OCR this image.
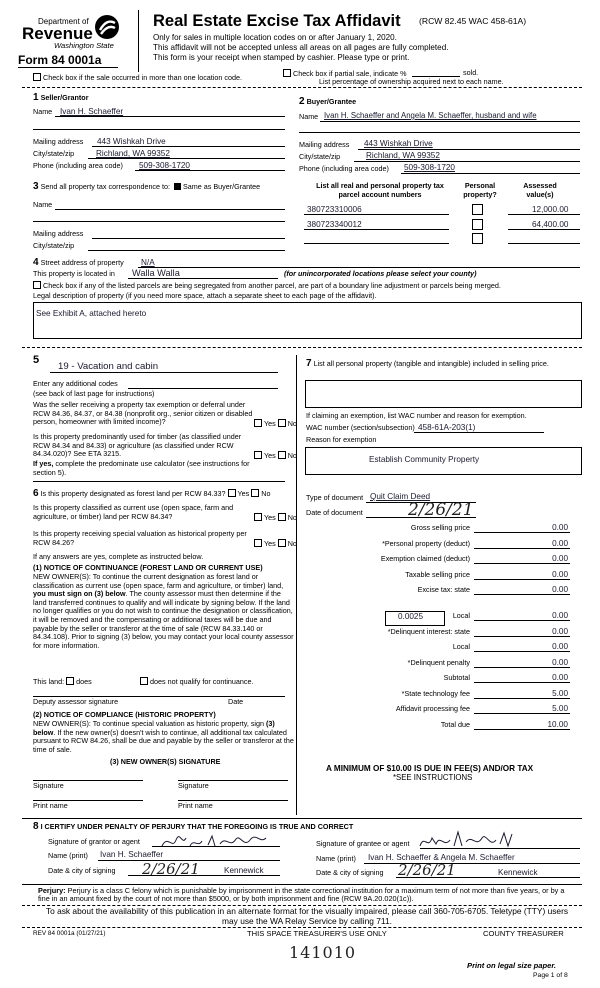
Department of
Revenue
Washington State
Form 84 0001a
Real Estate Excise Tax Affidavit (RCW 82.45 WAC 458-61A)
Only for sales in multiple location codes on or after January 1, 2020.
This affidavit will not be accepted unless all areas on all pages are fully completed.
This form is your receipt when stamped by cashier. Please type or print.
Check box if the sale occurred in more than one location code.	Check box if partial sale, indicate %	sold.
List percentage of ownership acquired next to each name.
1 Seller/Grantor
Name Ivan H. Schaeffer
Mailing address 443 Wishkah Drive
City/state/zip	Richland, WA 99352
Phone (including area code) 509-308-1720
2 Buyer/Grantee
Name Ivan H. Schaeffer and Angela M. Schaeffer, husband and wife
Mailing address 443 Wishkah Drive
City/state/zip	Richland, WA 99352
Phone (including area code) 509-308-1720
3 Send all property tax correspondence to: Same as Buyer/Grantee
Name
Mailing address
City/state/zip
List all real and personal property tax
parcel account numbers
Personal
property?
Assessed
value(s)
380723310006	12,000.00
380723340012	64,400.00
4 Street address of property N/A
This property is located in Walla Walla	(for unincorporated locations please select your county)
Check box if any of the listed parcels are being segregated from another parcel, are part of a boundary line adjustment or parcels being merged.
Legal description of property (if you need more space, attach a separate sheet to each page of the affidavit).
See Exhibit A, attached hereto
5
19 - Vacation and cabin
Enter any additional codes
(see back of last page for instructions)
Was the seller receiving a property tax exemption or deferral under RCW 84.36, 84.37, or 84.38 (nonprofit org., senior citizen or disabled person, homeowner with limited income)?	Yes No
Is this property predominantly used for timber (as classified under RCW 84.34 and 84.33) or agriculture (as classified under RCW 84.34.020)? See ETA 3215.	Yes No
If yes, complete the predominate use calculator (see instructions for section 5).
6 Is this property designated as forest land per RCW 84.33? Yes No
Is this property classified as current use (open space, farm and agriculture, or timber) land per RCW 84.34?	Yes No
Is this property receiving special valuation as historical property per RCW 84.26?	Yes No
If any answers are yes, complete as instructed below.
(1) NOTICE OF CONTINUANCE (FOREST LAND OR CURRENT USE)
NEW OWNER(S): To continue the current designation as forest land or classification as current use (open space, farm and agriculture, or timber) land, you must sign on (3) below. The county assessor must then determine if the land transferred continues to qualify and will indicate by signing below. If the land no longer qualifies or you do not wish to continue the designation or classification, it will be removed and the compensating or additional taxes will be due and payable by the seller or transferor at the time of sale (RCW 84.33.140 or 84.34.108). Prior to signing (3) below, you may contact your local county assessor for more information.
This land: does	does not qualify for continuance.
Deputy assessor signature	Date
(2) NOTICE OF COMPLIANCE (HISTORIC PROPERTY)
NEW OWNER(S): To continue special valuation as historic property, sign (3) below. If the new owner(s) doesn't wish to continue, all additional tax calculated pursuant to RCW 84.26, shall be due and payable by the seller or transferor at the time of sale.
(3) NEW OWNER(S) SIGNATURE
Signature	Signature
Print name	Print name
7 List all personal property (tangible and intangible) included in selling price.
If claiming an exemption, list WAC number and reason for exemption.
WAC number (section/subsection) 458-61A-203(1)
Reason for exemption
Establish Community Property
Type of document Quit Claim Deed
Date of document	2/26/21
Gross selling price	0.00
*Personal property (deduct)	0.00
Exemption claimed (deduct)	0.00
Taxable selling price	0.00
Excise tax: state	0.00
0.0025	Local	0.00
*Delinquent interest: state	0.00
Local	0.00
*Delinquent penalty	0.00
Subtotal	0.00
*State technology fee	5.00
Affidavit processing fee	5.00
Total due	10.00
A MINIMUM OF $10.00 IS DUE IN FEE(S) AND/OR TAX
*SEE INSTRUCTIONS
8 I CERTIFY UNDER PENALTY OF PERJURY THAT THE FOREGOING IS TRUE AND CORRECT
Signature of grantor or agent
Name (print) Ivan H. Schaeffer
Date & city of signing 2/26/21	Kennewick
Signature of grantee or agent
Name (print) Ivan H. Schaeffer & Angela M. Schaeffer
Date & city of signing 2/26/21	Kennewick
Perjury: Perjury is a class C felony which is punishable by imprisonment in the state correctional institution for a maximum term of not more than five years, or by a fine in an amount fixed by the court of not more than $5000, or by both imprisonment and fine (RCW 9A.20.020(1c)).
To ask about the availability of this publication in an alternate format for the visually impaired, please call 360-705-6705. Teletype (TTY) users may use the WA Relay Service by calling 711.
REV 84 0001a (01/27/21)	THIS SPACE TREASURER'S USE ONLY	COUNTY TREASURER
141010
Print on legal size paper.
Page 1 of 8
